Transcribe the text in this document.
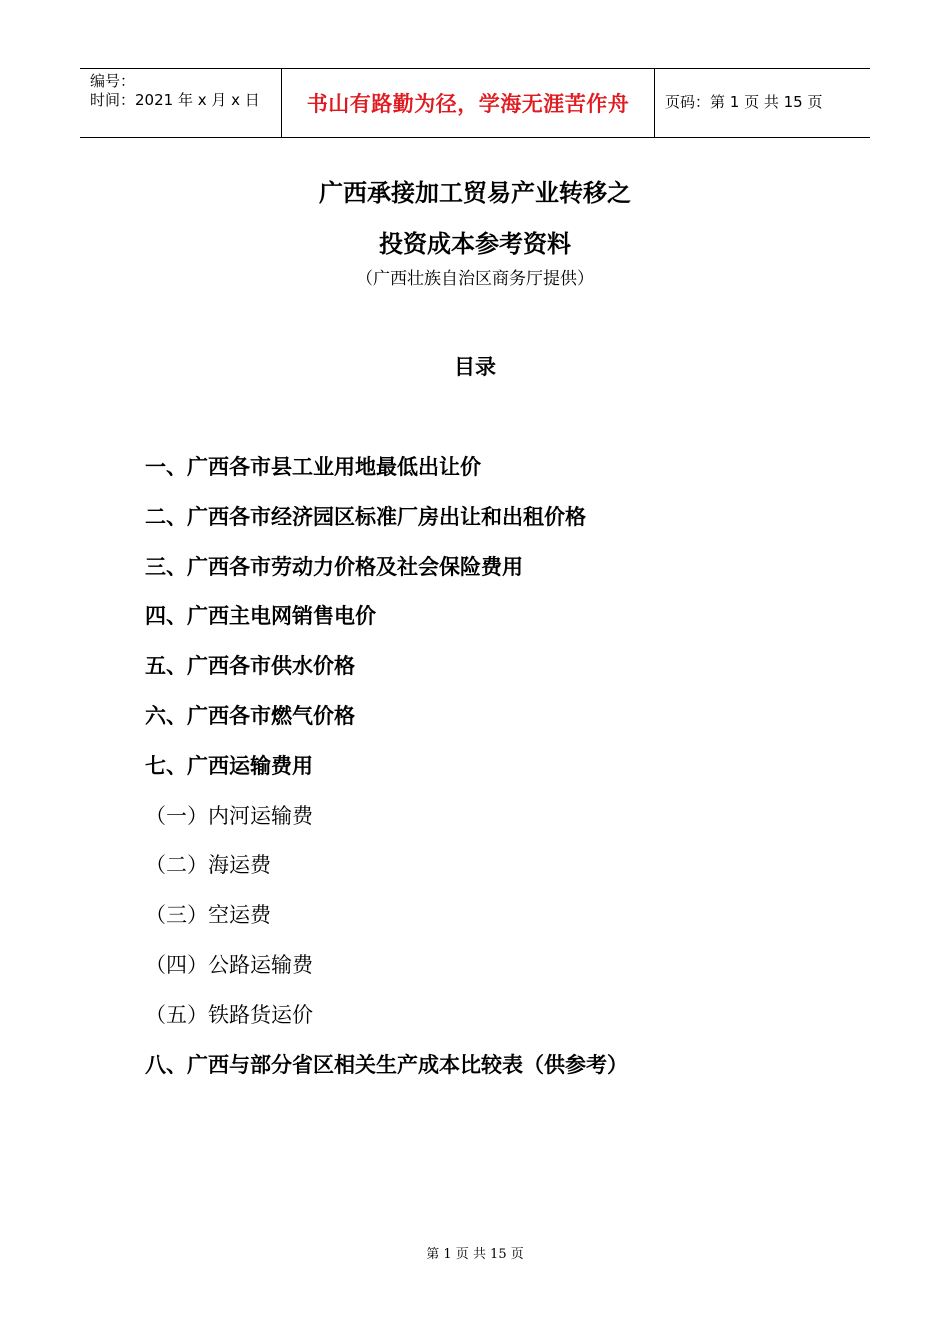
编号：
时间：2021 年 x 月 x 日	书山有路勤为径，学海无涯苦作舟	页码：第 1 页 共 15 页
广西承接加工贸易产业转移之
投资成本参考资料
（广西壮族自治区商务厅提供）
目录
一、广西各市县工业用地最低出让价
二、广西各市经济园区标准厂房出让和出租价格
三、广西各市劳动力价格及社会保险费用
四、广西主电网销售电价
五、广西各市供水价格
六、广西各市燃气价格
七、广西运输费用
（一）内河运输费
（二）海运费
（三）空运费
（四）公路运输费
（五）铁路货运价
八、广西与部分省区相关生产成本比较表（供参考）
第 1 页 共 15 页
